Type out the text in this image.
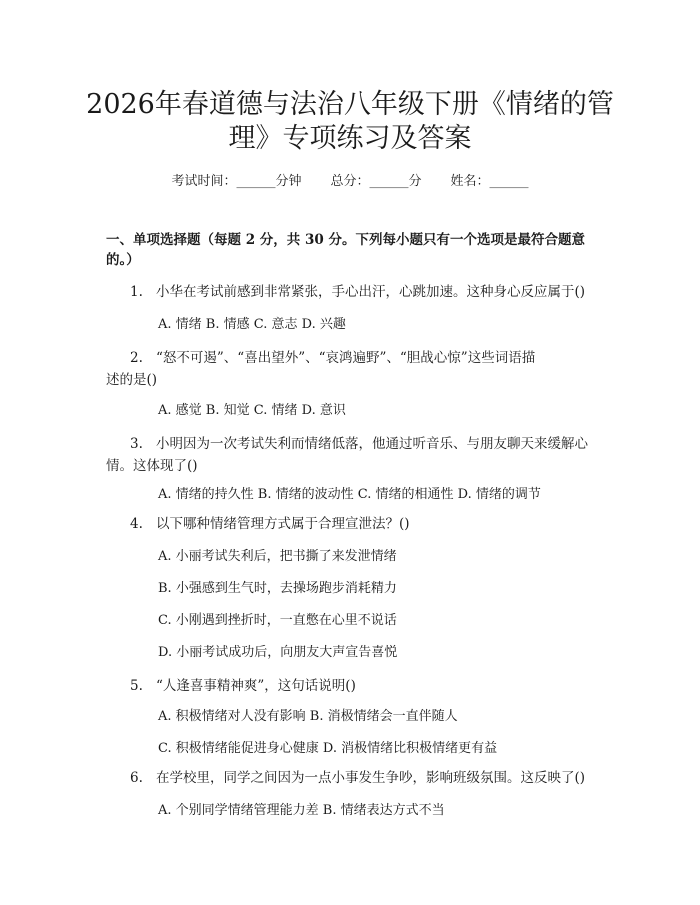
2026年春道德与法治八年级下册《情绪的管
理》专项练习及答案
考试时间：______分钟 总分：______分 姓名：______
一、单项选择题（每题 2 分，共 30 分。下列每小题只有一个选项是最符合题意
的。）
1. 小华在考试前感到非常紧张，手心出汗，心跳加速。这种身心反应属于()
A. 情绪 B. 情感 C. 意志 D. 兴趣
2. “怒不可遏”、“喜出望外”、“哀鸿遍野”、“胆战心惊”这些词语描
述的是()
A. 感觉 B. 知觉 C. 情绪 D. 意识
3. 小明因为一次考试失利而情绪低落，他通过听音乐、与朋友聊天来缓解心
情。这体现了()
A. 情绪的持久性 B. 情绪的波动性 C. 情绪的相通性 D. 情绪的调节
4. 以下哪种情绪管理方式属于合理宣泄法？()
A. 小丽考试失利后，把书撕了来发泄情绪
B. 小强感到生气时，去操场跑步消耗精力
C. 小刚遇到挫折时，一直憋在心里不说话
D. 小丽考试成功后，向朋友大声宣告喜悦
5. “人逢喜事精神爽”，这句话说明()
A. 积极情绪对人没有影响 B. 消极情绪会一直伴随人
C. 积极情绪能促进身心健康 D. 消极情绪比积极情绪更有益
6. 在学校里，同学之间因为一点小事发生争吵，影响班级氛围。这反映了()
A. 个别同学情绪管理能力差 B. 情绪表达方式不当
